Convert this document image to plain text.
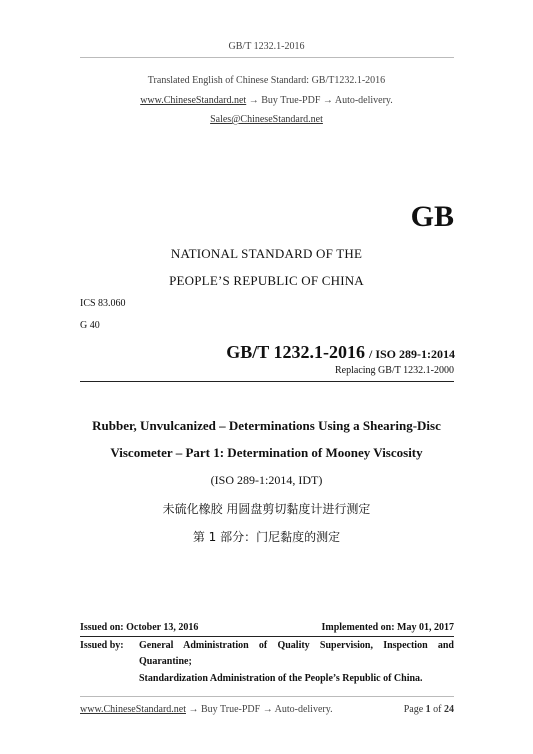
GB/T 1232.1-2016
Translated English of Chinese Standard: GB/T1232.1-2016
www.ChineseStandard.net → Buy True-PDF → Auto-delivery.
Sales@ChineseStandard.net
GB
NATIONAL STANDARD OF THE
PEOPLE’S REPUBLIC OF CHINA
ICS 83.060
G 40
GB/T 1232.1-2016 / ISO 289-1:2014
Replacing GB/T 1232.1-2000
Rubber, Unvulcanized – Determinations Using a Shearing-Disc
Viscometer – Part 1: Determination of Mooney Viscosity
(ISO 289-1:2014, IDT)
未硫化橡胶 用圆盘剪切黏度计进行测定
第 1 部分：门尼黏度的测定
Issued on: October 13, 2016	Implemented on: May 01, 2017
Issued by: General Administration of Quality Supervision, Inspection and
Quarantine;
Standardization Administration of the People’s Republic of China.
www.ChineseStandard.net → Buy True-PDF → Auto-delivery.	Page 1 of 24
